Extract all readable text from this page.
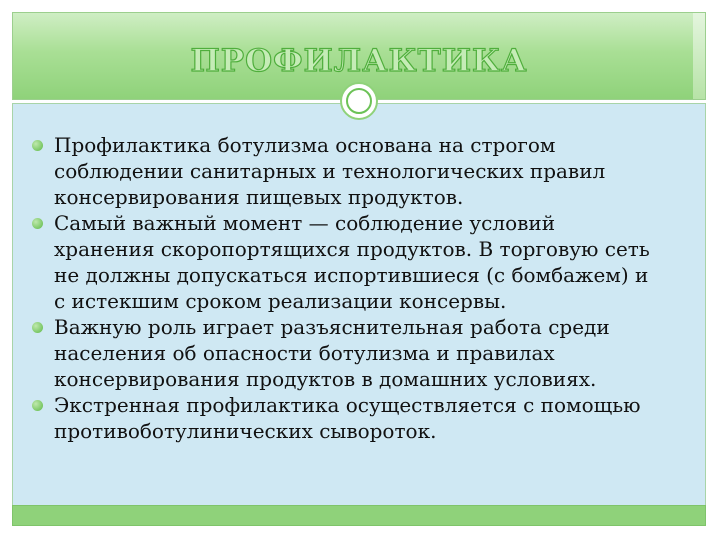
ПРОФИЛАКТИКА
Профилактика ботулизма основана на строгом
соблюдении санитарных и технологических правил
консервирования пищевых продуктов.
Самый важный момент — соблюдение условий
хранения скоропортящихся продуктов. В торговую сеть
не должны допускаться испортившиеся (с бомбажем) и
с истекшим сроком реализации консервы.
Важную роль играет разъяснительная работа среди
населения об опасности ботулизма и правилах
консервирования продуктов в домашних условиях.
Экстренная профилактика осуществляется с помощью
противоботулинических сывороток.
